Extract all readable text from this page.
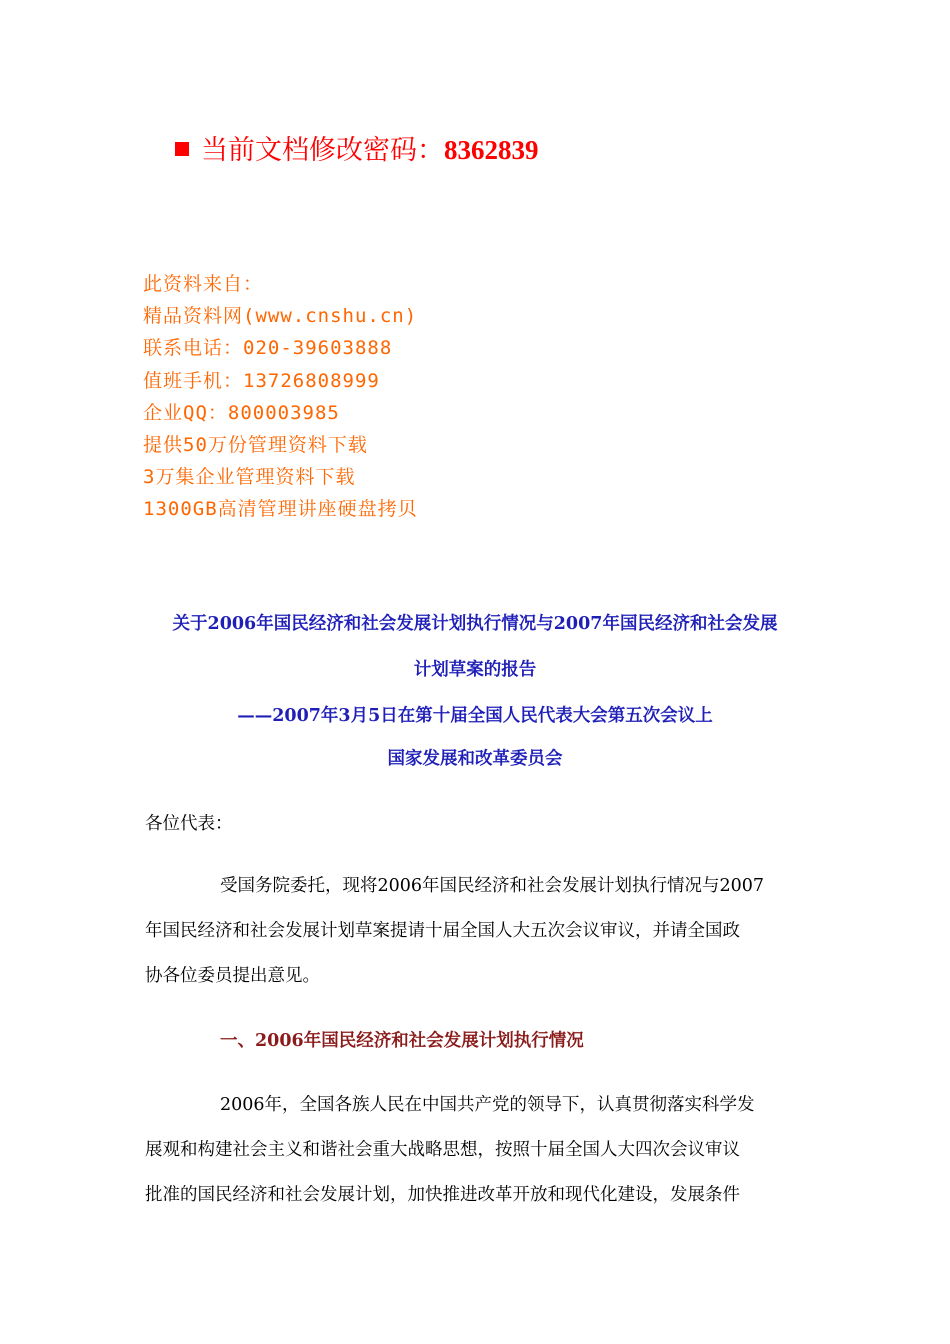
当前文档修改密码：8362839
此资料来自：
精品资料网(www.cnshu.cn)
联系电话：020-39603888
值班手机：13726808999
企业QQ：800003985
提供50万份管理资料下载
3万集企业管理资料下载
1300GB高清管理讲座硬盘拷贝
关于2006年国民经济和社会发展计划执行情况与2007年国民经济和社会发展
计划草案的报告
——2007年3月5日在第十届全国人民代表大会第五次会议上
国家发展和改革委员会
各位代表：
受国务院委托，现将2006年国民经济和社会发展计划执行情况与2007
年国民经济和社会发展计划草案提请十届全国人大五次会议审议，并请全国政
协各位委员提出意见。
一、2006年国民经济和社会发展计划执行情况
2006年，全国各族人民在中国共产党的领导下，认真贯彻落实科学发
展观和构建社会主义和谐社会重大战略思想，按照十届全国人大四次会议审议
批准的国民经济和社会发展计划，加快推进改革开放和现代化建设，发展条件
